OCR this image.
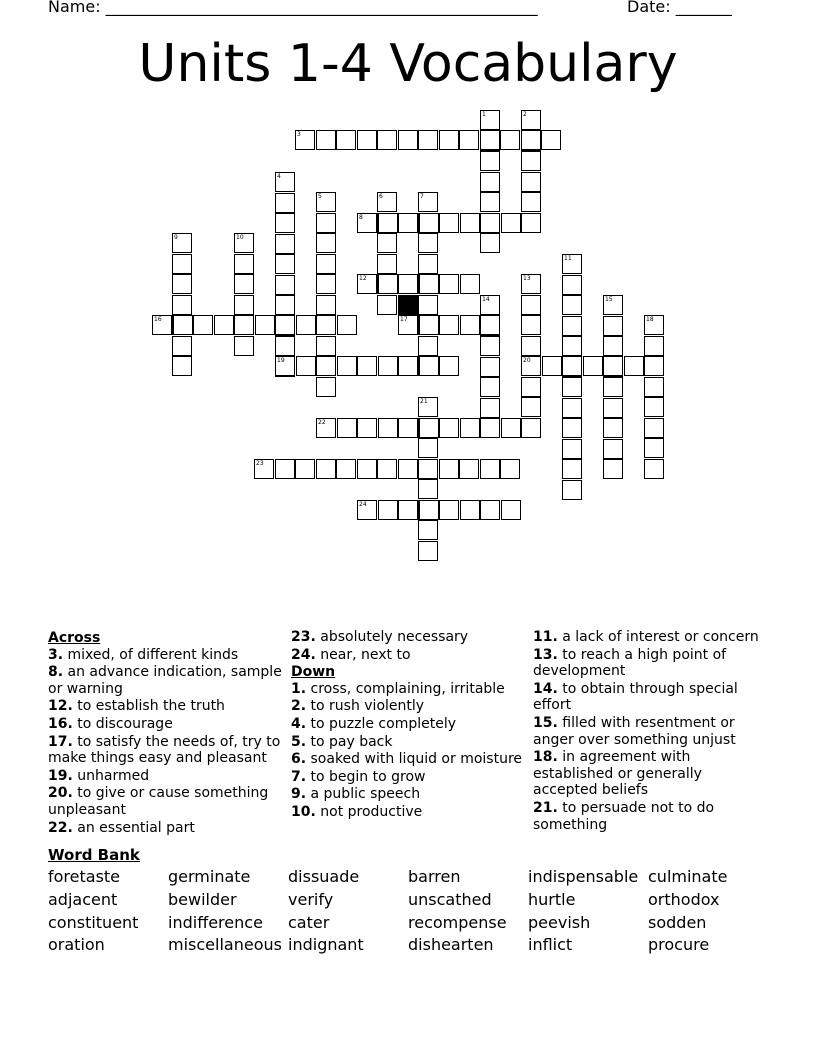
Name: ______________________________________________________	Date: _______
Units 1-4 Vocabulary
1	2
3
4
5	6	7
8
9	10
11
12	13
20
14	15
16	17	18
19
21
22
23
24
Across
3. mixed, of different kinds
8. an advance indication, sample or warning
12. to establish the truth
16. to discourage
17. to satisfy the needs of, try to make things easy and pleasant
19. unharmed
20. to give or cause something unpleasant
22. an essential part
23. absolutely necessary
24. near, next to
Down
1. cross, complaining, irritable
2. to rush violently
4. to puzzle completely
5. to pay back
6. soaked with liquid or moisture
7. to begin to grow
9. a public speech
10. not productive
11. a lack of interest or concern
13. to reach a high point of development
14. to obtain through special effort
15. filled with resentment or anger over something unjust
18. in agreement with established or generally accepted beliefs
21. to persuade not to do something
Word Bank
foretaste	germinate dissuade	barren	indispensable culminate
adjacent	bewilder	verify	unscathed hurtle	orthodox
constituent indifference cater	recompense peevish	sodden
oration	miscellaneous indignant	dishearten inflict	procure
